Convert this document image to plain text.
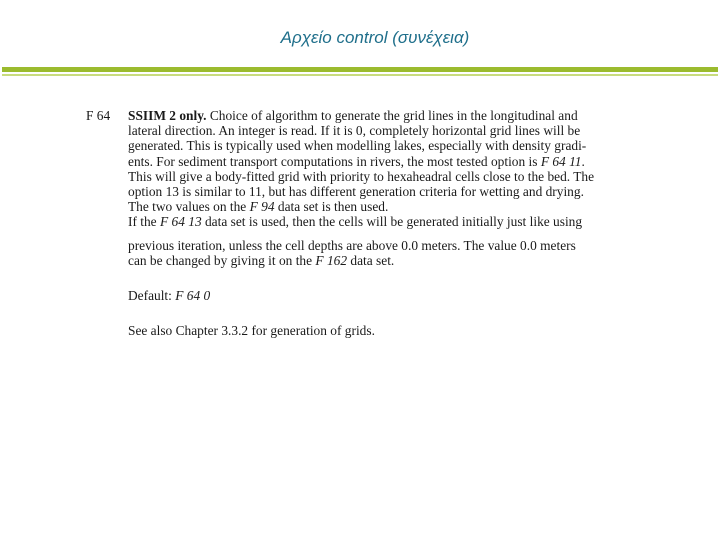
Αρχείο control (συνέχεια)
F 64	SSIIM 2 only. Choice of algorithm to generate the grid lines in the longitudinal and
lateral direction. An integer is read. If it is 0, completely horizontal grid lines will be
generated. This is typically used when modelling lakes, especially with density gradi-
ents. For sediment transport computations in rivers, the most tested option is F 64 11.
This will give a body-fitted grid with priority to hexaheadral cells close to the bed. The
option 13 is similar to 11, but has different generation criteria for wetting and drying.
The two values on the F 94 data set is then used.
If the F 64 13 data set is used, then the cells will be generated initially just like using
previous iteration, unless the cell depths are above 0.0 meters. The value 0.0 meters
can be changed by giving it on the F 162 data set.
Default: F 64 0
See also Chapter 3.3.2 for generation of grids.
